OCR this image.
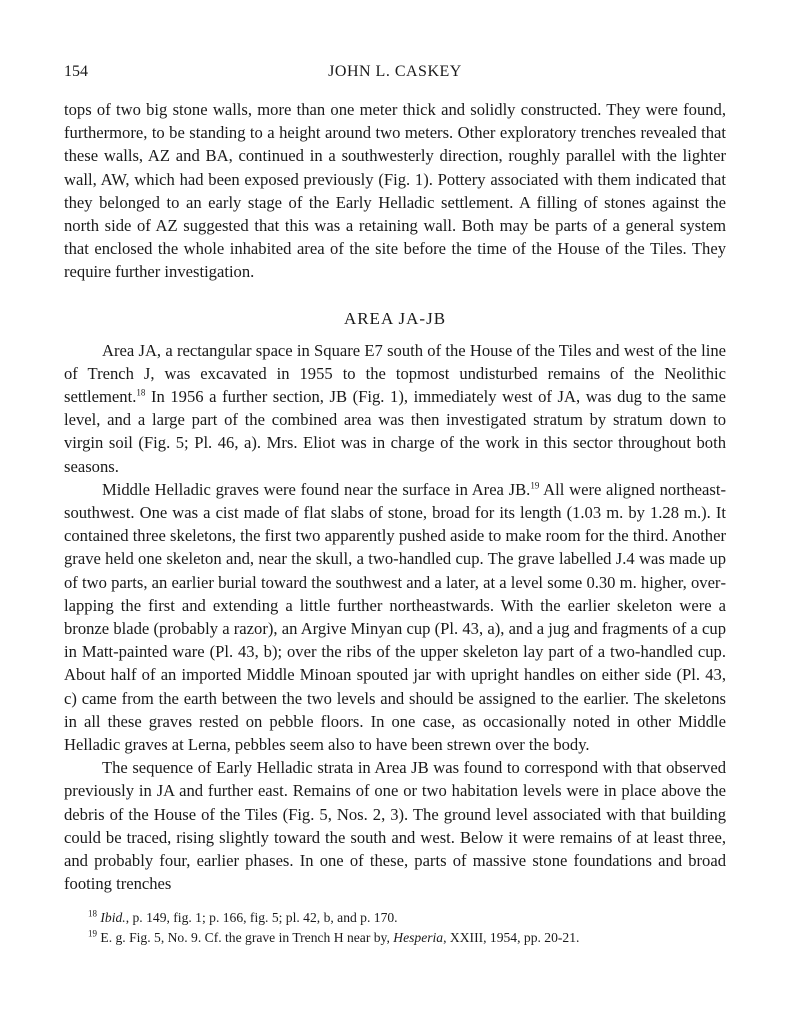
154	JOHN L. CASKEY

tops of two big stone walls, more than one meter thick and solidly constructed. They were found, furthermore, to be standing to a height around two meters. Other exploratory trenches revealed that these walls, AZ and BA, continued in a southwesterly direction, roughly parallel with the lighter wall, AW, which had been exposed previously (Fig. 1). Pottery associated with them indicated that they belonged to an early stage of the Early Helladic settlement. A filling of stones against the north side of AZ suggested that this was a retaining wall. Both may be parts of a general system that enclosed the whole inhabited area of the site before the time of the House of the Tiles. They require further investigation.

AREA JA-JB

Area JA, a rectangular space in Square E7 south of the House of the Tiles and west of the line of Trench J, was excavated in 1955 to the topmost undisturbed remains of the Neolithic settlement.$^{18}$ In 1956 a further section, JB (Fig. 1), immediately west of JA, was dug to the same level, and a large part of the combined area was then investigated stratum by stratum down to virgin soil (Fig. 5; Pl. 46, a). Mrs. Eliot was in charge of the work in this sector throughout both seasons.

Middle Helladic graves were found near the surface in Area JB.$^{19}$ All were aligned northeast-southwest. One was a cist made of flat slabs of stone, broad for its length (1.03 m. by 1.28 m.). It contained three skeletons, the first two apparently pushed aside to make room for the third. Another grave held one skeleton and, near the skull, a two-handled cup. The grave labelled J.4 was made up of two parts, an earlier burial toward the southwest and a later, at a level some 0.30 m. higher, overlapping the first and extending a little further northeastwards. With the earlier skeleton were a bronze blade (probably a razor), an Argive Minyan cup (Pl. 43, a), and a jug and fragments of a cup in Matt-painted ware (Pl. 43, b); over the ribs of the upper skeleton lay part of a two-handled cup. About half of an imported Middle Minoan spouted jar with upright handles on either side (Pl. 43, c) came from the earth between the two levels and should be assigned to the earlier. The skeletons in all these graves rested on pebble floors. In one case, as occasionally noted in other Middle Helladic graves at Lerna, pebbles seem also to have been strewn over the body.

The sequence of Early Helladic strata in Area JB was found to correspond with that observed previously in JA and further east. Remains of one or two habitation levels were in place above the debris of the House of the Tiles (Fig. 5, Nos. 2, 3). The ground level associated with that building could be traced, rising slightly toward the south and west. Below it were remains of at least three, and probably four, earlier phases. In one of these, parts of massive stone foundations and broad footing trenches

$^{18}$ Ibid., p. 149, fig. 1; p. 166, fig. 5; pl. 42, b, and p. 170.

$^{19}$ E. g. Fig. 5, No. 9. Cf. the grave in Trench H near by, Hesperia, XXIII, 1954, pp. 20-21.
